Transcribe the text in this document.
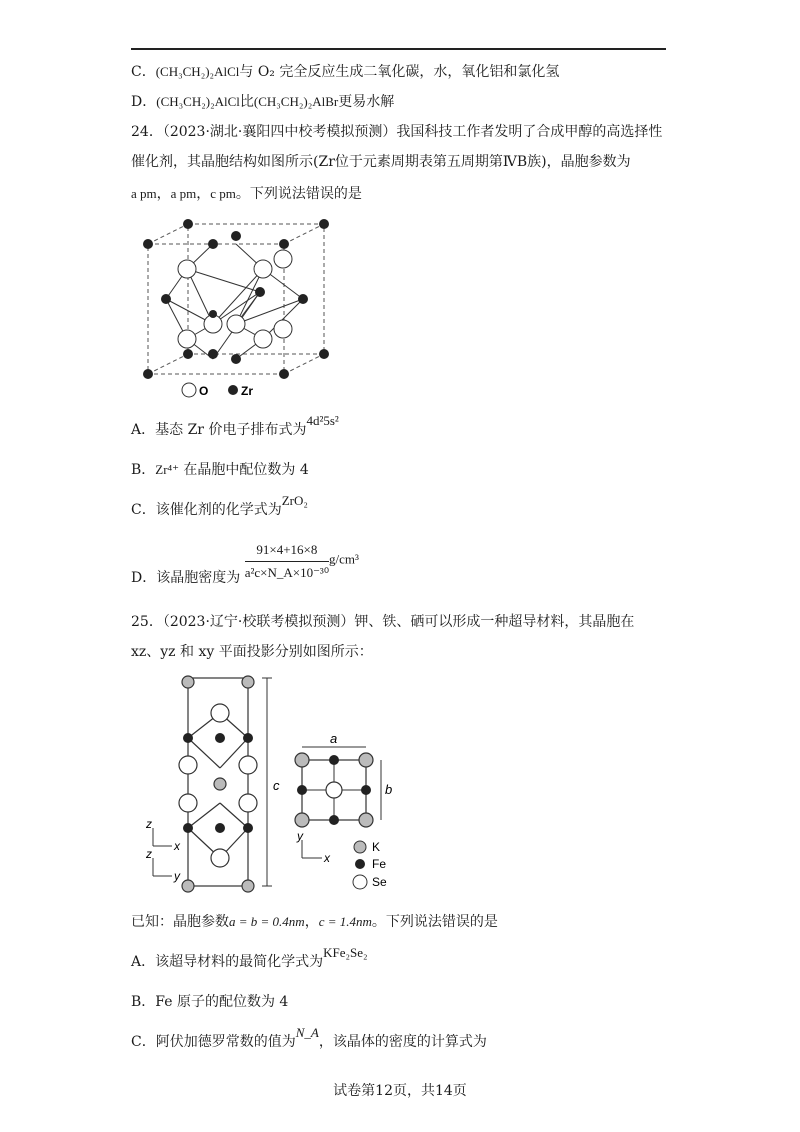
C．(CH₃CH₂)₂AlCl与 O₂ 完全反应生成二氧化碳，水，氧化铝和氯化氢
D．(CH₃CH₂)₂AlCl比(CH₃CH₂)₂AlBr更易水解
24．（2023·湖北·襄阳四中校考模拟预测）我国科技工作者发明了合成甲醇的高选择性
催化剂，其晶胞结构如图所示(Zr位于元素周期表第五周期第ⅣB族)，晶胞参数为
a pm，a pm，c pm。下列说法错误的是
O	Zr
A．基态 Zr 价电子排布式为4d²5s²
B．Zr⁴⁺ 在晶胞中配位数为 4
C．该催化剂的化学式为ZrO₂
D．该晶胞密度为 $\frac{91\times 4+16\times 8}{\text{a²c×N\_A×10⁻³⁰}} g/cm^3$
25．（2023·辽宁·校联考模拟预测）钾、铁、硒可以形成一种超导材料，其晶胞在
xz、yz 和 xy 平面投影分别如图所示：
c
z
x
z
y
a
b
y
x
K
Fe
Se
已知：晶胞参数a = b = 0.4nm，c = 1.4nm。下列说法错误的是
A．该超导材料的最简化学式为KFe₂Se₂
B．Fe 原子的配位数为 4
C．阿伏加德罗常数的值为N_A，该晶体的密度的计算式为
试卷第12页，共14页
